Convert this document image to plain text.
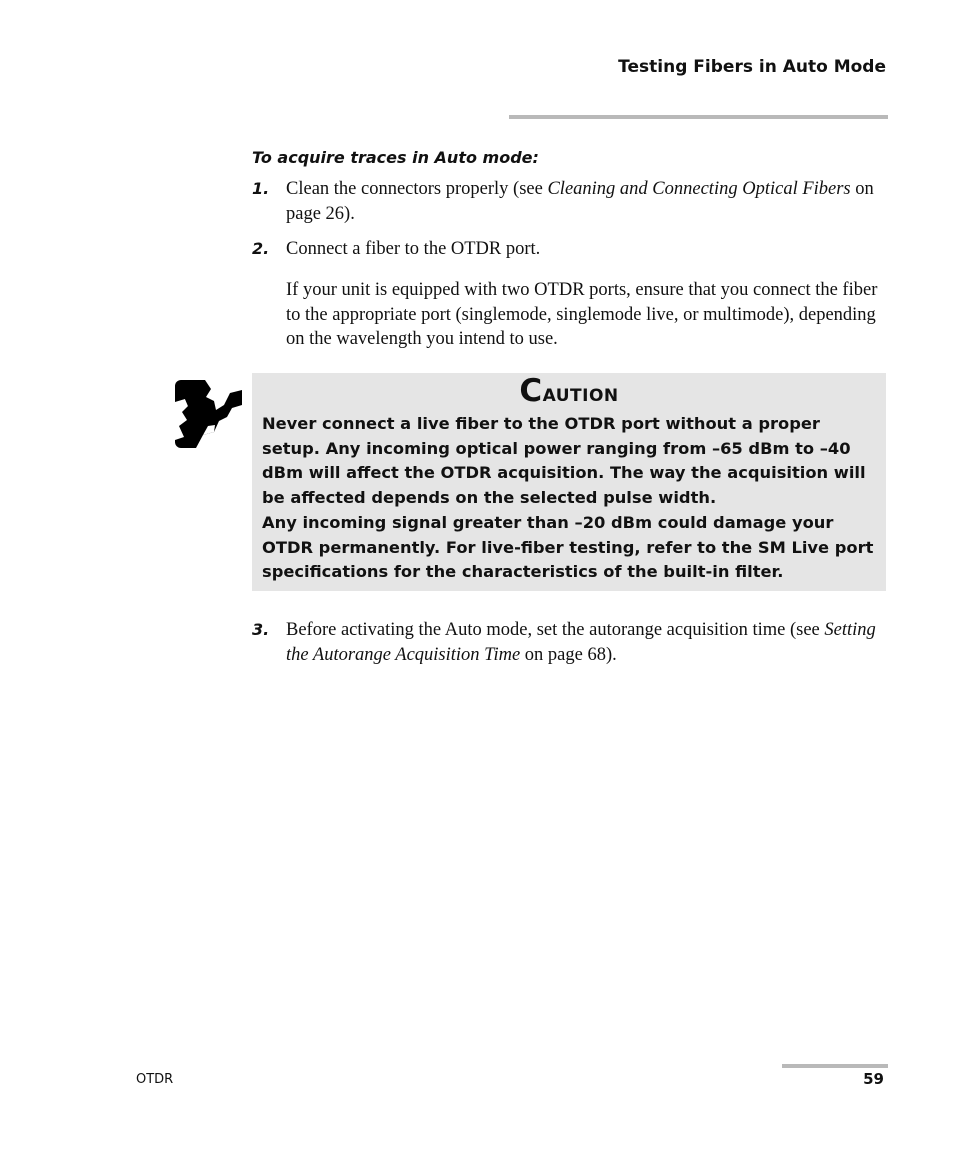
Testing Fibers in Auto Mode
To acquire traces in Auto mode:
1. Clean the connectors properly (see Cleaning and Connecting Optical Fibers on page 26).
2. Connect a fiber to the OTDR port.
If your unit is equipped with two OTDR ports, ensure that you connect the fiber to the appropriate port (singlemode, singlemode live, or multimode), depending on the wavelength you intend to use.
Caution

Never connect a live fiber to the OTDR port without a proper setup. Any incoming optical power ranging from –65 dBm to –40 dBm will affect the OTDR acquisition. The way the acquisition will be affected depends on the selected pulse width.

Any incoming signal greater than –20 dBm could damage your OTDR permanently. For live-fiber testing, refer to the SM Live port specifications for the characteristics of the built-in filter.

3. Before activating the Auto mode, set the autorange acquisition time (see Setting the Autorange Acquisition Time on page 68).
OTDR	59
